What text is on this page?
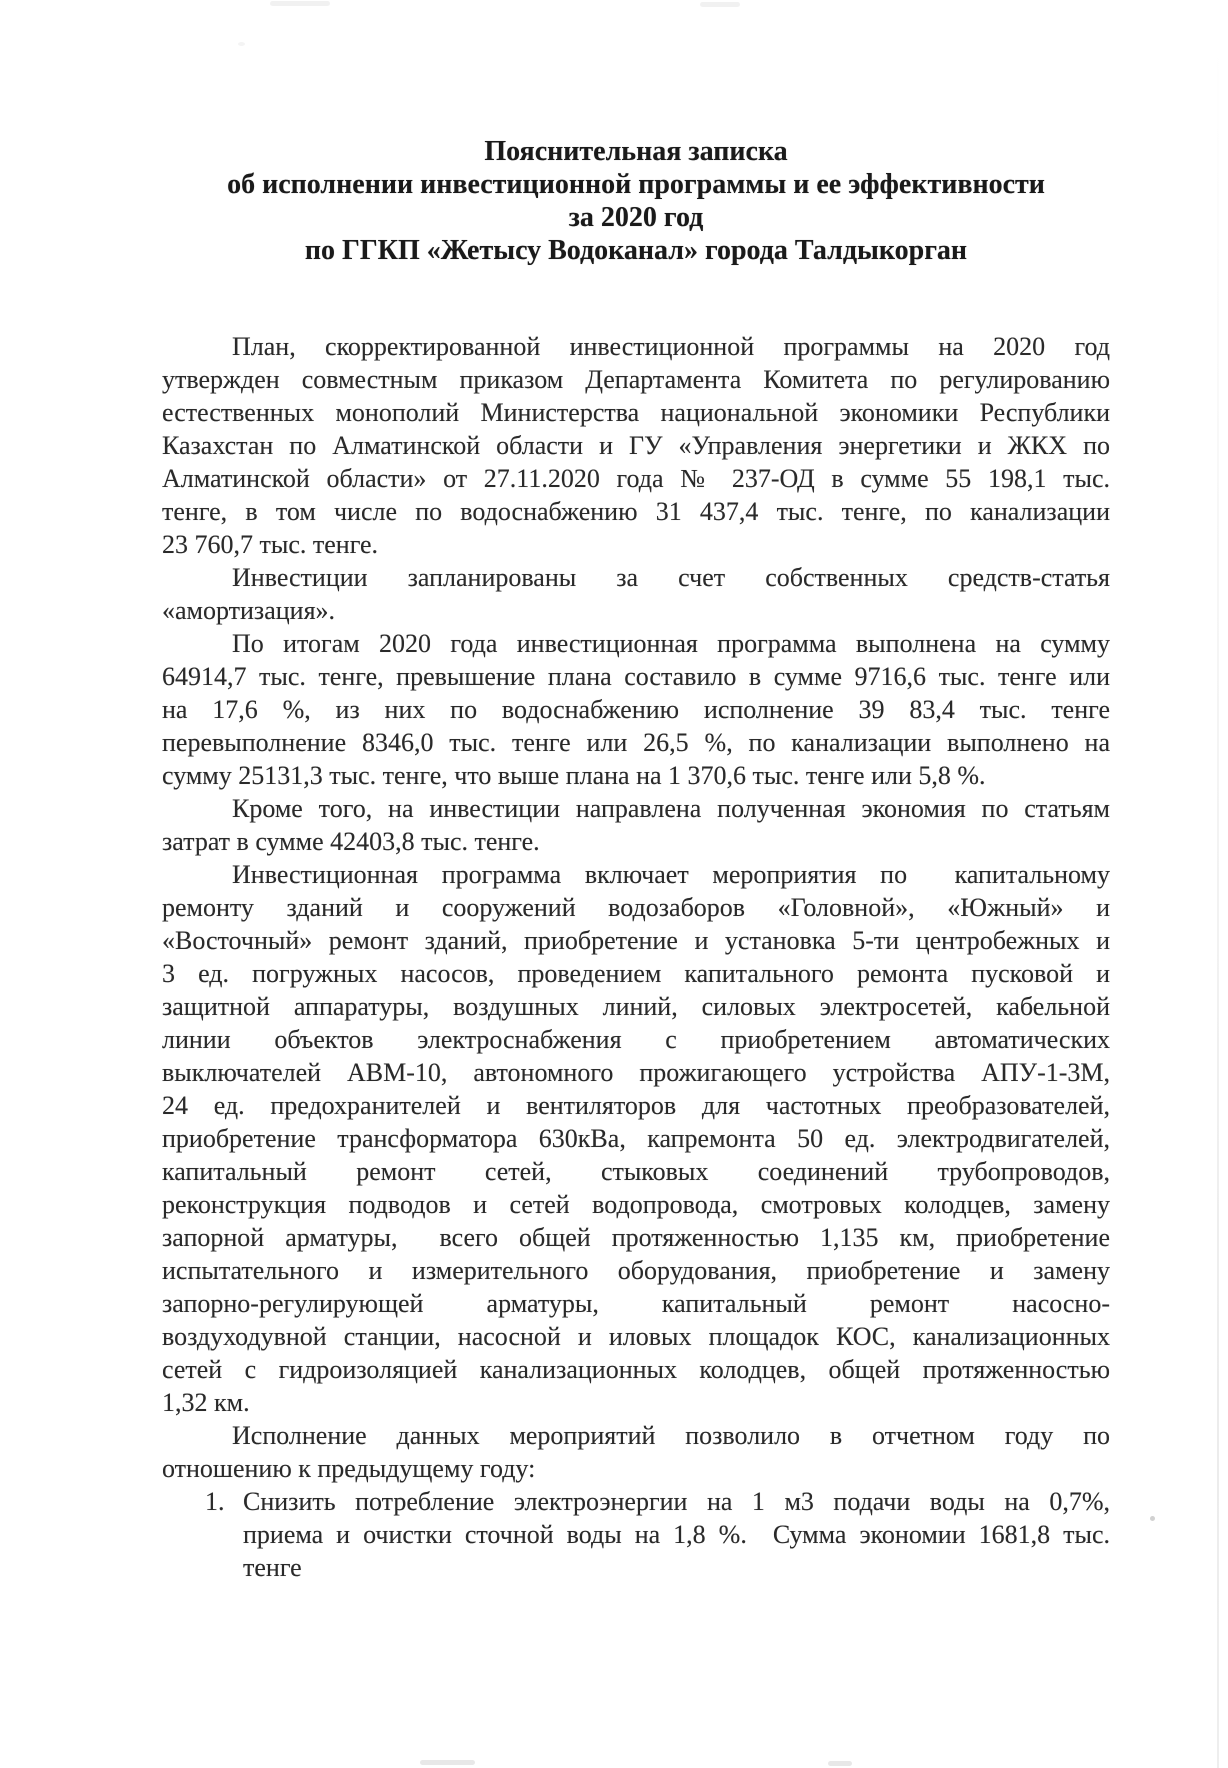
Пояснительная записка
об исполнении инвестиционной программы и ее эффективности
за 2020 год
по ГГКП «Жетысу Водоканал» города Талдыкорган
План, скорректированной инвестиционной программы на 2020 год
утвержден совместным приказом Департамента Комитета по регулированию
естественных монополий Министерства национальной экономики Республики
Казахстан по Алматинской области и ГУ «Управления энергетики и ЖКХ по
Алматинской области» от 27.11.2020 года № 237-ОД в сумме 55 198,1 тыс.
тенге, в том числе по водоснабжению 31 437,4 тыс. тенге, по канализации
23 760,7 тыс. тенге.
Инвестиции запланированы за счет собственных средств-статья
«амортизация».
По итогам 2020 года инвестиционная программа выполнена на сумму
64914,7 тыс. тенге, превышение плана составило в сумме 9716,6 тыс. тенге или
на 17,6 %, из них по водоснабжению исполнение 39 83,4 тыс. тенге
перевыполнение 8346,0 тыс. тенге или 26,5 %, по канализации выполнено на
сумму 25131,3 тыс. тенге, что выше плана на 1 370,6 тыс. тенге или 5,8 %.
Кроме того, на инвестиции направлена полученная экономия по статьям
затрат в сумме 42403,8 тыс. тенге.
Инвестиционная программа включает мероприятия по  капитальному
ремонту зданий и сооружений водозаборов «Головной», «Южный» и
«Восточный» ремонт зданий, приобретение и установка 5-ти центробежных и
3 ед. погружных насосов, проведением капитального ремонта пусковой и
защитной аппаратуры, воздушных линий, силовых электросетей, кабельной
линии объектов электроснабжения с приобретением автоматических
выключателей АВМ-10, автономного прожигающего устройства АПУ-1-3М,
24 ед. предохранителей и вентиляторов для частотных преобразователей,
приобретение трансформатора 630кВа, капремонта 50 ед. электродвигателей,
капитальный ремонт сетей, стыковых соединений трубопроводов,
реконструкция подводов и сетей водопровода, смотровых колодцев, замену
запорной арматуры,  всего общей протяженностью 1,135 км, приобретение
испытательного и измерительного оборудования, приобретение и замену
запорно-регулирующей арматуры, капитальный ремонт насосно-
воздуходувной станции, насосной и иловых площадок КОС, канализационных
сетей с гидроизоляцией канализационных колодцев, общей протяженностью
1,32 км.
Исполнение данных мероприятий позволило в отчетном году по
отношению к предыдущему году:
1. Снизить потребление электроэнергии на 1 м3 подачи воды на 0,7%,
приема и очистки сточной воды на 1,8 %.  Сумма экономии 1681,8 тыс.
тенге
